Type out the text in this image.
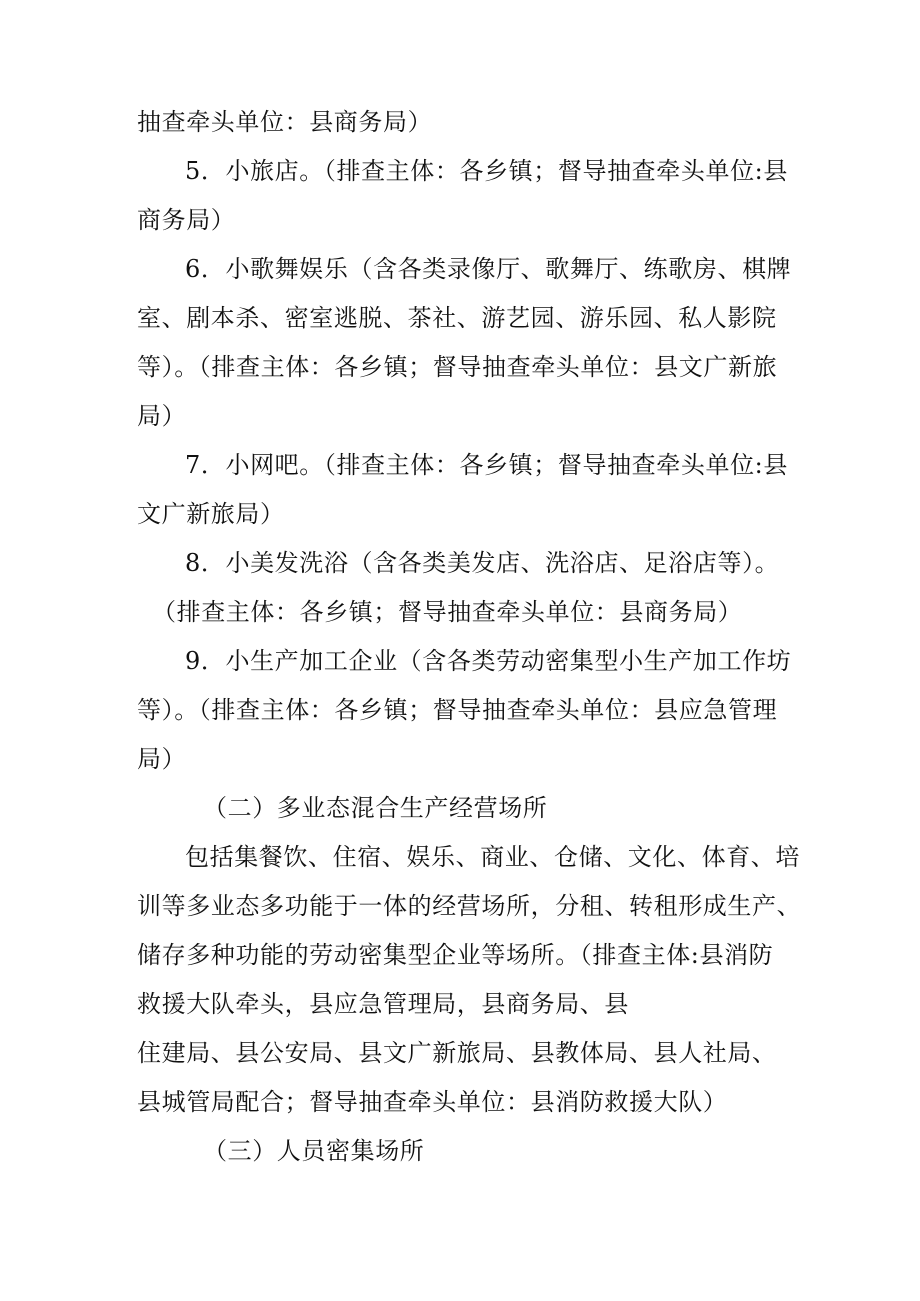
抽查牵头单位：县商务局）
5．小旅店。（排查主体：各乡镇；督导抽查牵头单位:县
商务局）
6．小歌舞娱乐（含各类录像厅、歌舞厅、练歌房、棋牌
室、剧本杀、密室逃脱、茶社、游艺园、游乐园、私人影院
等）。（排查主体：各乡镇；督导抽查牵头单位：县文广新旅
局）
7．小网吧。（排查主体：各乡镇；督导抽查牵头单位:县
文广新旅局）
8．小美发洗浴（含各类美发店、洗浴店、足浴店等）。
（排查主体：各乡镇；督导抽查牵头单位：县商务局）
9．小生产加工企业（含各类劳动密集型小生产加工作坊
等）。（排查主体：各乡镇；督导抽查牵头单位：县应急管理
局）
（二）多业态混合生产经营场所
包括集餐饮、住宿、娱乐、商业、仓储、文化、体育、培
训等多业态多功能于一体的经营场所，分租、转租形成生产、
储存多种功能的劳动密集型企业等场所。（排查主体:县消防
救援大队牵头，县应急管理局，县商务局、县
住建局、县公安局、县文广新旅局、县教体局、县人社局、
县城管局配合；督导抽查牵头单位：县消防救援大队）
（三）人员密集场所
